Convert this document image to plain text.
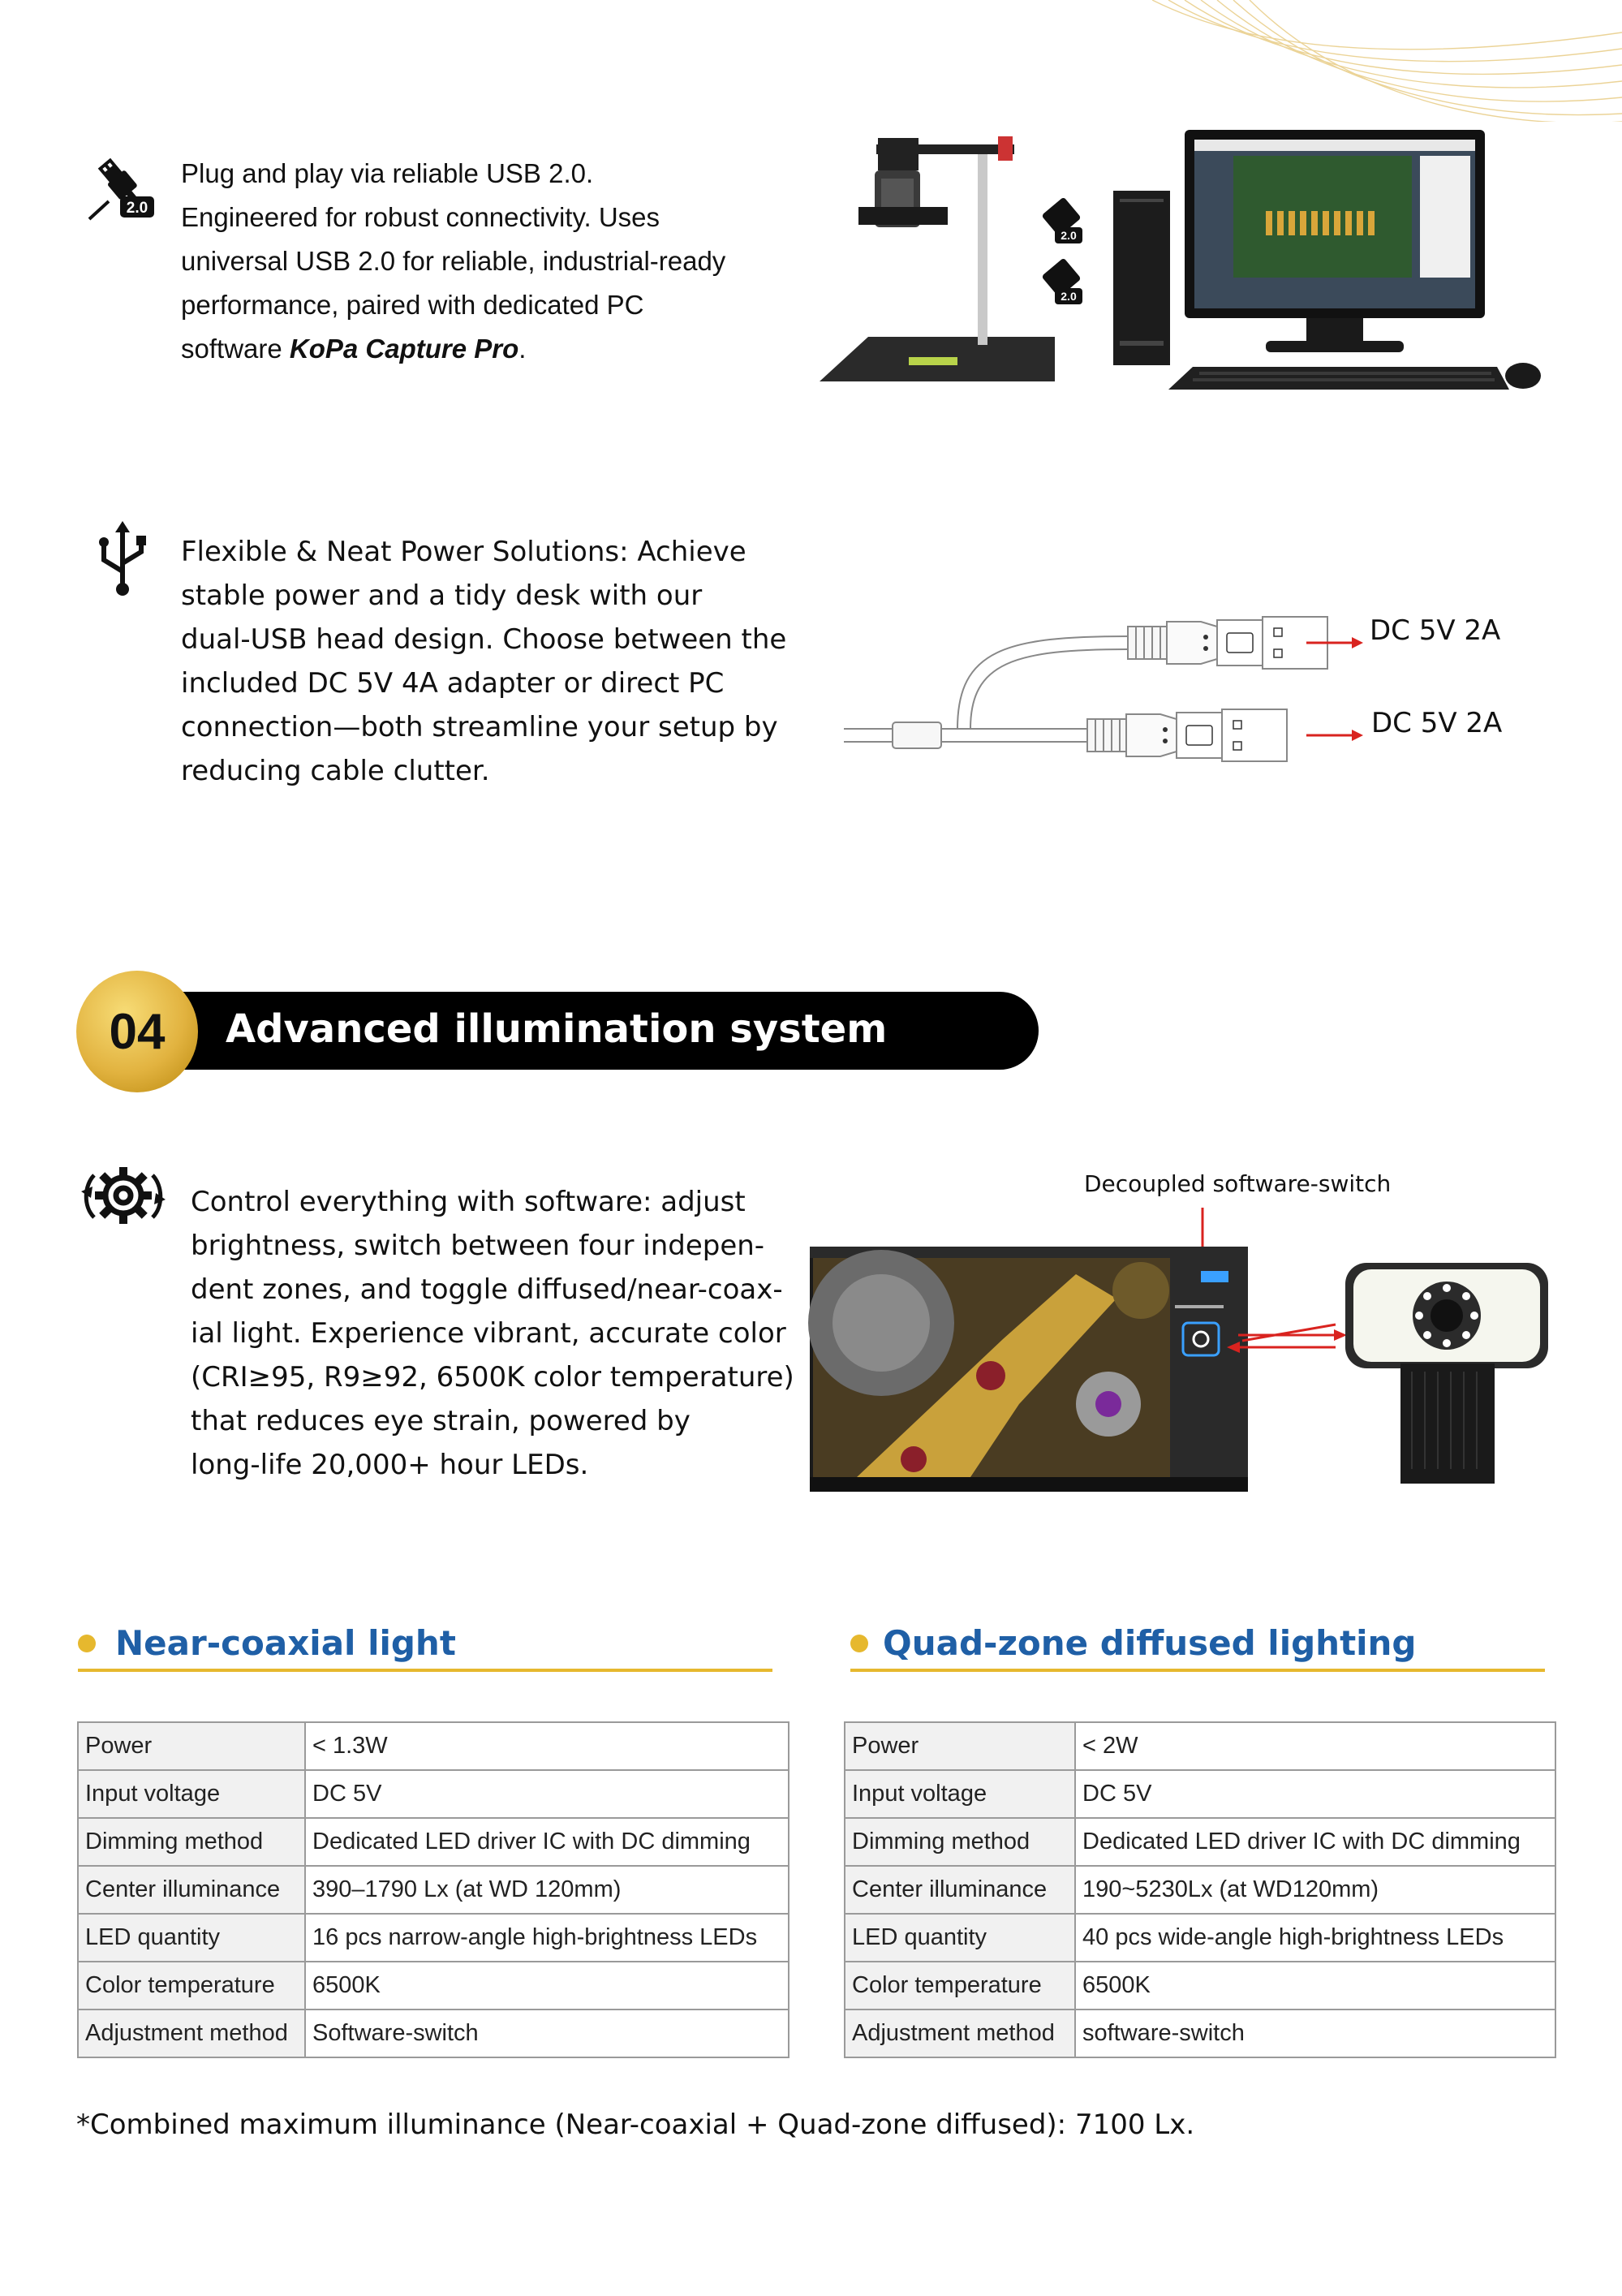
2.0
Plug and play via reliable USB 2.0.
Engineered for robust connectivity. Uses
universal USB 2.0 for reliable, industrial-ready
performance, paired with dedicated PC
software KoPa Capture Pro.
2.0
2.0
Flexible & Neat Power Solutions: Achieve
stable power and a tidy desk with our
dual-USB head design. Choose between the
included DC 5V 4A adapter or direct PC
connection—both streamline your setup by
reducing cable clutter.
DC 5V 2A
DC 5V 2A
04	Advanced illumination system
Control everything with software: adjust
brightness, switch between four indepen-
dent zones, and toggle diffused/near-coax-
ial light. Experience vibrant, accurate color
(CRI≥95, R9≥92, 6500K color temperature)
that reduces eye strain, powered by
long-life 20,000+ hour LEDs.
Decoupled software-switch
Near-coaxial light	Quad-zone diffused lighting
Power	< 1.3W
Input voltage	DC 5V
Dimming method	Dedicated LED driver IC with DC dimming
Center illuminance	390–1790 Lx (at WD 120mm)
LED quantity	16 pcs narrow-angle high-brightness LEDs
Color temperature	6500K
Adjustment method	Software-switch
Power	< 2W
Input voltage	DC 5V
Dimming method	Dedicated LED driver IC with DC dimming
Center illuminance	190~5230Lx (at WD120mm)
LED quantity	40 pcs wide-angle high-brightness LEDs
Color temperature	6500K
Adjustment method	software-switch
*Combined maximum illuminance (Near-coaxial + Quad-zone diffused): 7100 Lx.
